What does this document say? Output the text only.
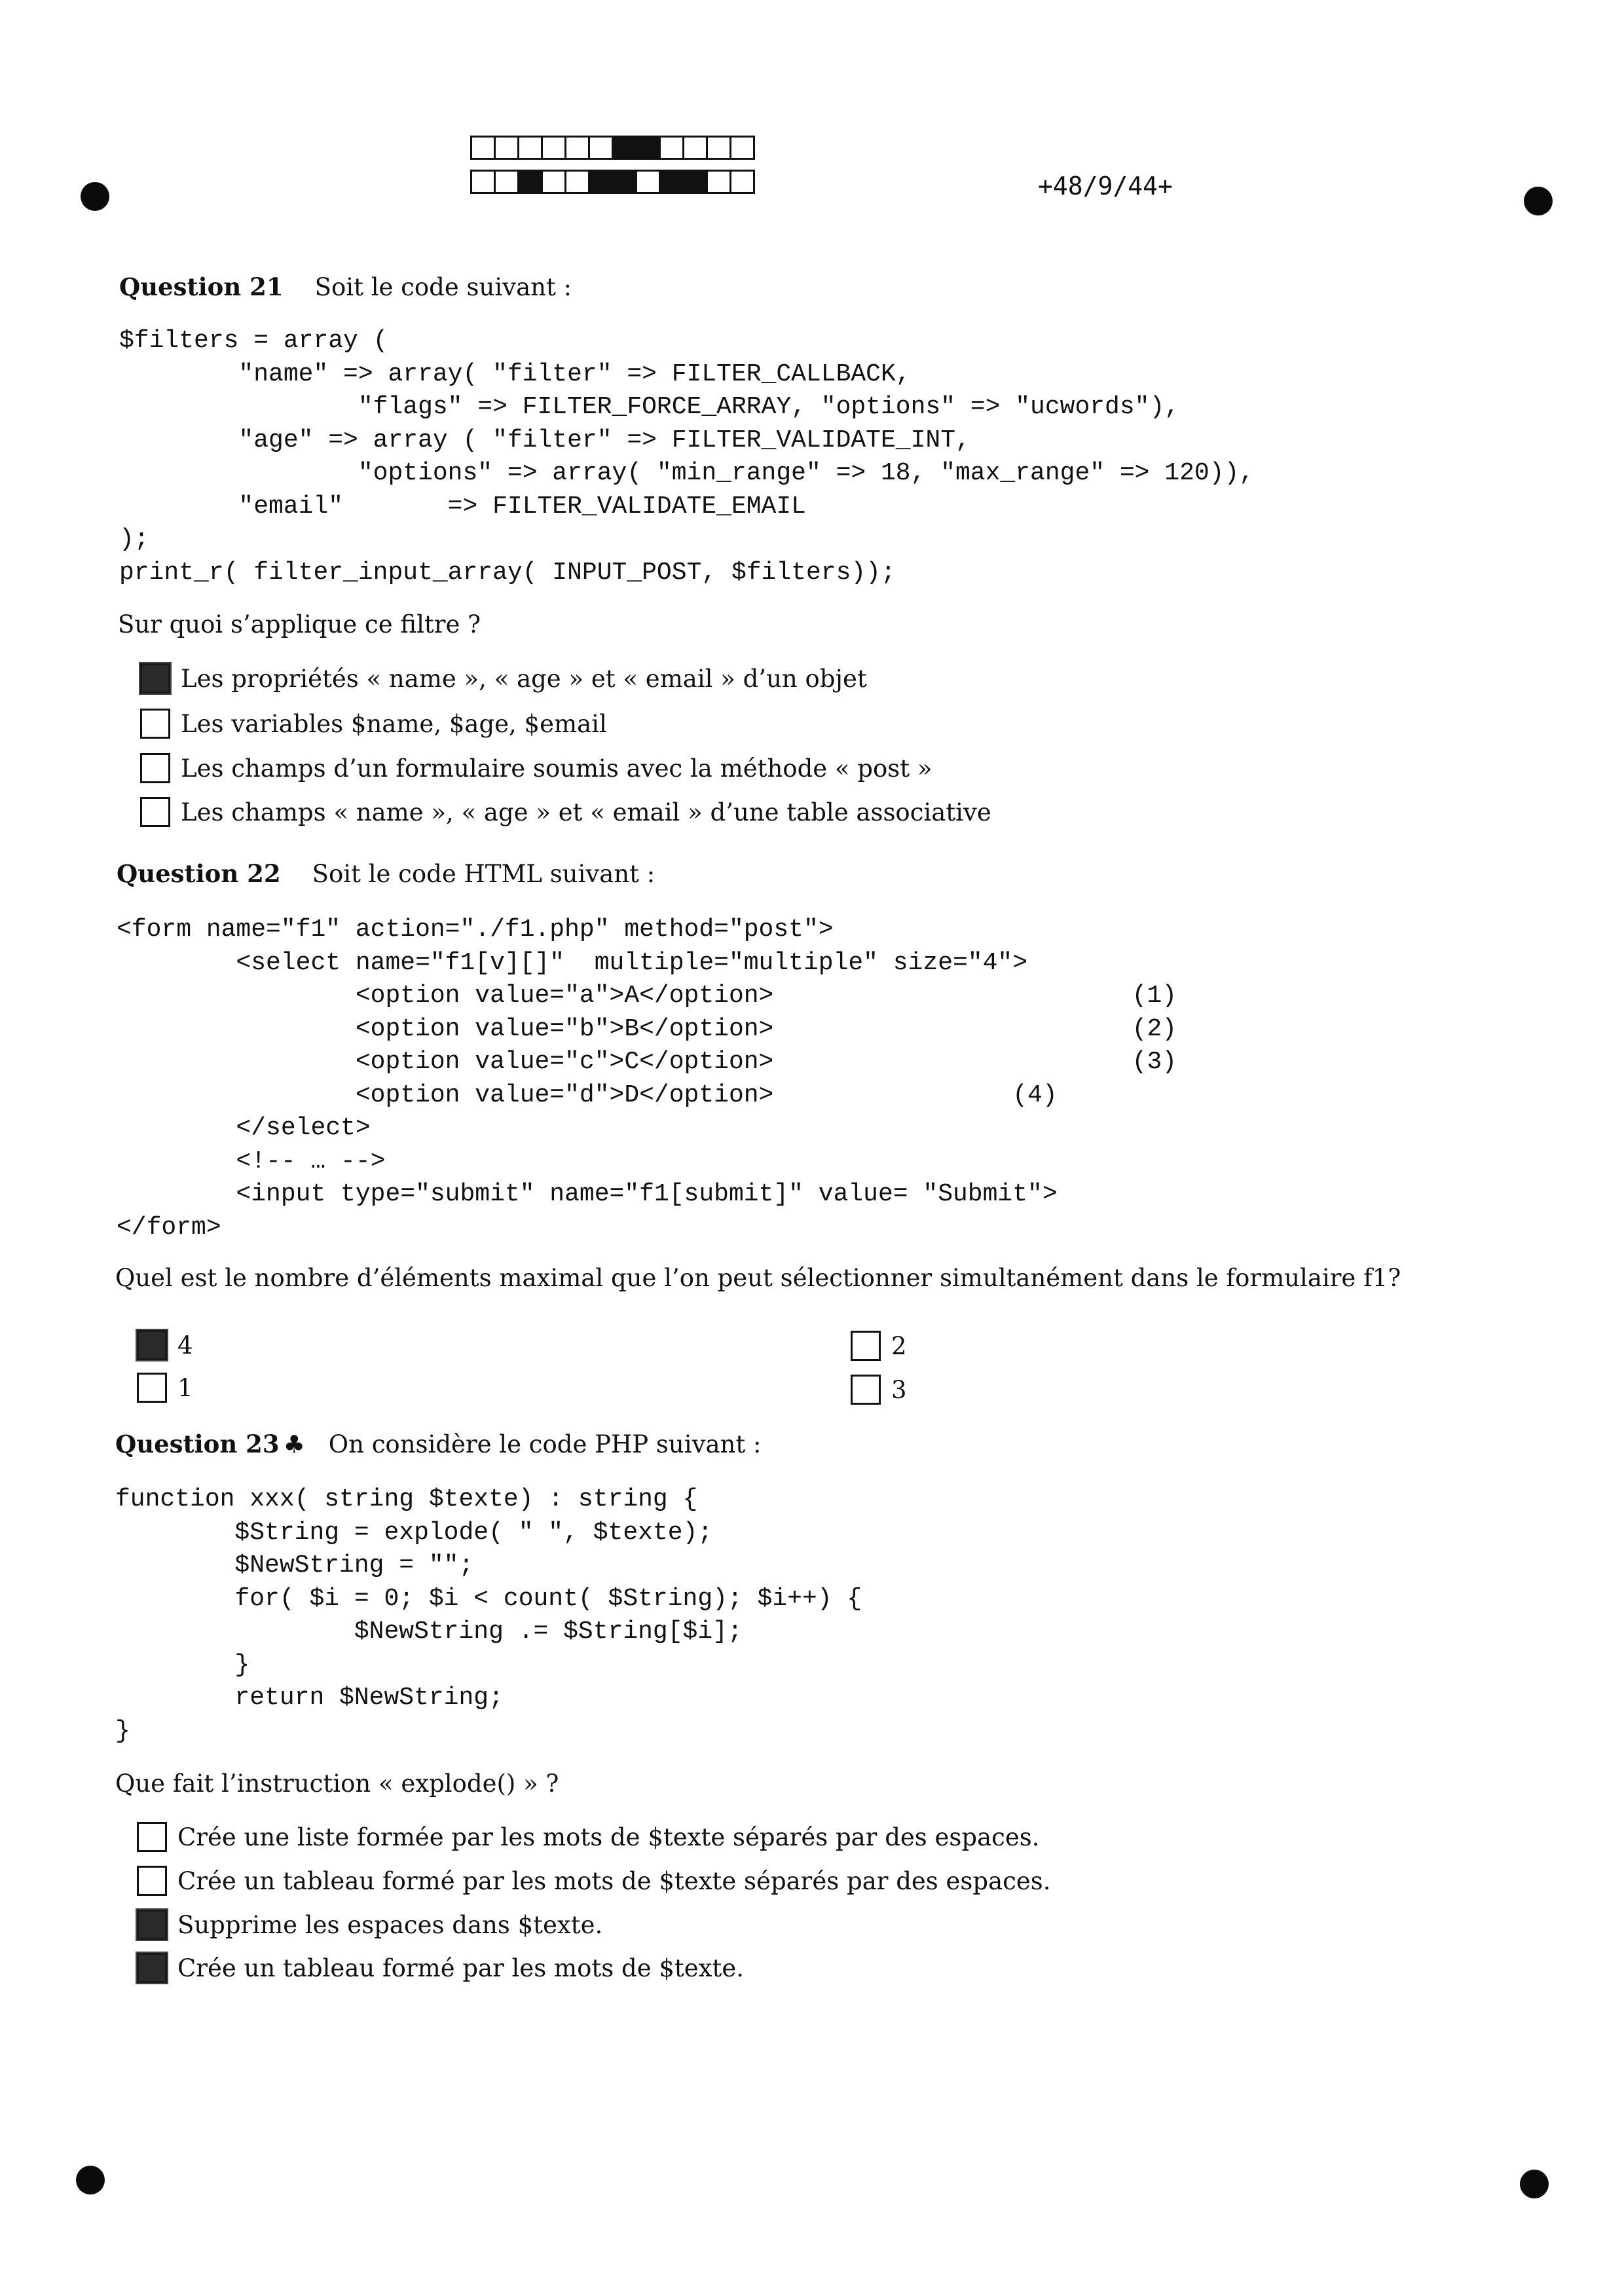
+48/9/44+
Question 21 Soit le code suivant :
$filters = array (
"name" => array( "filter" => FILTER_CALLBACK,
"flags" => FILTER_FORCE_ARRAY, "options" => "ucwords"),
"age" => array ( "filter" => FILTER_VALIDATE_INT,
"options" => array( "min_range" => 18, "max_range" => 120)),
"email"       => FILTER_VALIDATE_EMAIL
);
print_r( filter_input_array( INPUT_POST, $filters));
Sur quoi s’applique ce filtre ?
Les propriétés « name », « age » et « email » d’un objet
Les variables $name, $age, $email
Les champs d’un formulaire soumis avec la méthode « post »
Les champs « name », « age » et « email » d’une table associative
Question 22 Soit le code HTML suivant :
<form name="f1" action="./f1.php" method="post">
<select name="f1[v][]"  multiple="multiple" size="4">
<option value="a">A</option>                        (1)
<option value="b">B</option>                        (2)
<option value="c">C</option>                        (3)
<option value="d">D</option>                (4)
</select>
<!-- … -->
<input type="submit" name="f1[submit]" value= "Submit">
</form>
Quel est le nombre d’éléments maximal que l’on peut sélectionner simultanément dans le formulaire f1?
4	2
1	3
Question 23 ♣ On considère le code PHP suivant :
function xxx( string $texte) : string {
$String = explode( " ", $texte);
$NewString = "";
for( $i = 0; $i < count( $String); $i++) {
$NewString .= $String[$i];
}
return $NewString;
}
Que fait l’instruction « explode() » ?
Crée une liste formée par les mots de $texte séparés par des espaces.
Crée un tableau formé par les mots de $texte séparés par des espaces.
Supprime les espaces dans $texte.
Crée un tableau formé par les mots de $texte.
